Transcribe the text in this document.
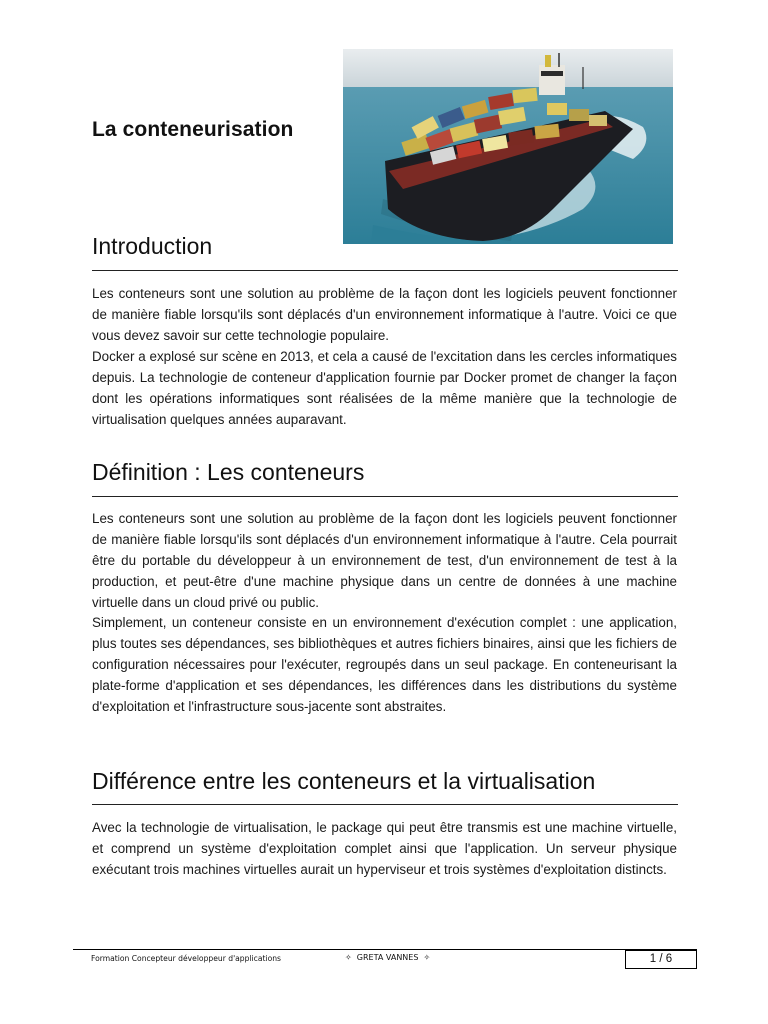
La conteneurisation
Introduction

Les conteneurs sont une solution au problème de la façon dont les logiciels peuvent fonctionner de manière fiable lorsqu'ils sont déplacés d'un environnement informatique à l'autre. Voici ce que vous devez savoir sur cette technologie populaire.

Docker a explosé sur scène en 2013, et cela a causé de l'excitation dans les cercles informatiques depuis. La technologie de conteneur d'application fournie par Docker promet de changer la façon dont les opérations informatiques sont réalisées de la même manière que la technologie de virtualisation quelques années auparavant.

Définition : Les conteneurs

Les conteneurs sont une solution au problème de la façon dont les logiciels peuvent fonctionner de manière fiable lorsqu'ils sont déplacés d'un environnement informatique à l'autre. Cela pourrait être du portable du développeur à un environnement de test, d'un environnement de test à la production, et peut-être d'une machine physique dans un centre de données à une machine virtuelle dans un cloud privé ou public.

Simplement, un conteneur consiste en un environnement d'exécution complet : une application, plus toutes ses dépendances, ses bibliothèques et autres fichiers binaires, ainsi que les fichiers de configuration nécessaires pour l'exécuter, regroupés dans un seul package. En conteneurisant la plate-forme d'application et ses dépendances, les différences dans les distributions du système d'exploitation et l'infrastructure sous-jacente sont abstraites.

Différence entre les conteneurs et la virtualisation

Avec la technologie de virtualisation, le package qui peut être transmis est une machine virtuelle, et comprend un système d'exploitation complet ainsi que l'application. Un serveur physique exécutant trois machines virtuelles aurait un hyperviseur et trois systèmes d'exploitation distincts.

Formation Concepteur développeur d'applications	✧  GRETA VANNES  ✧	1 / 6
